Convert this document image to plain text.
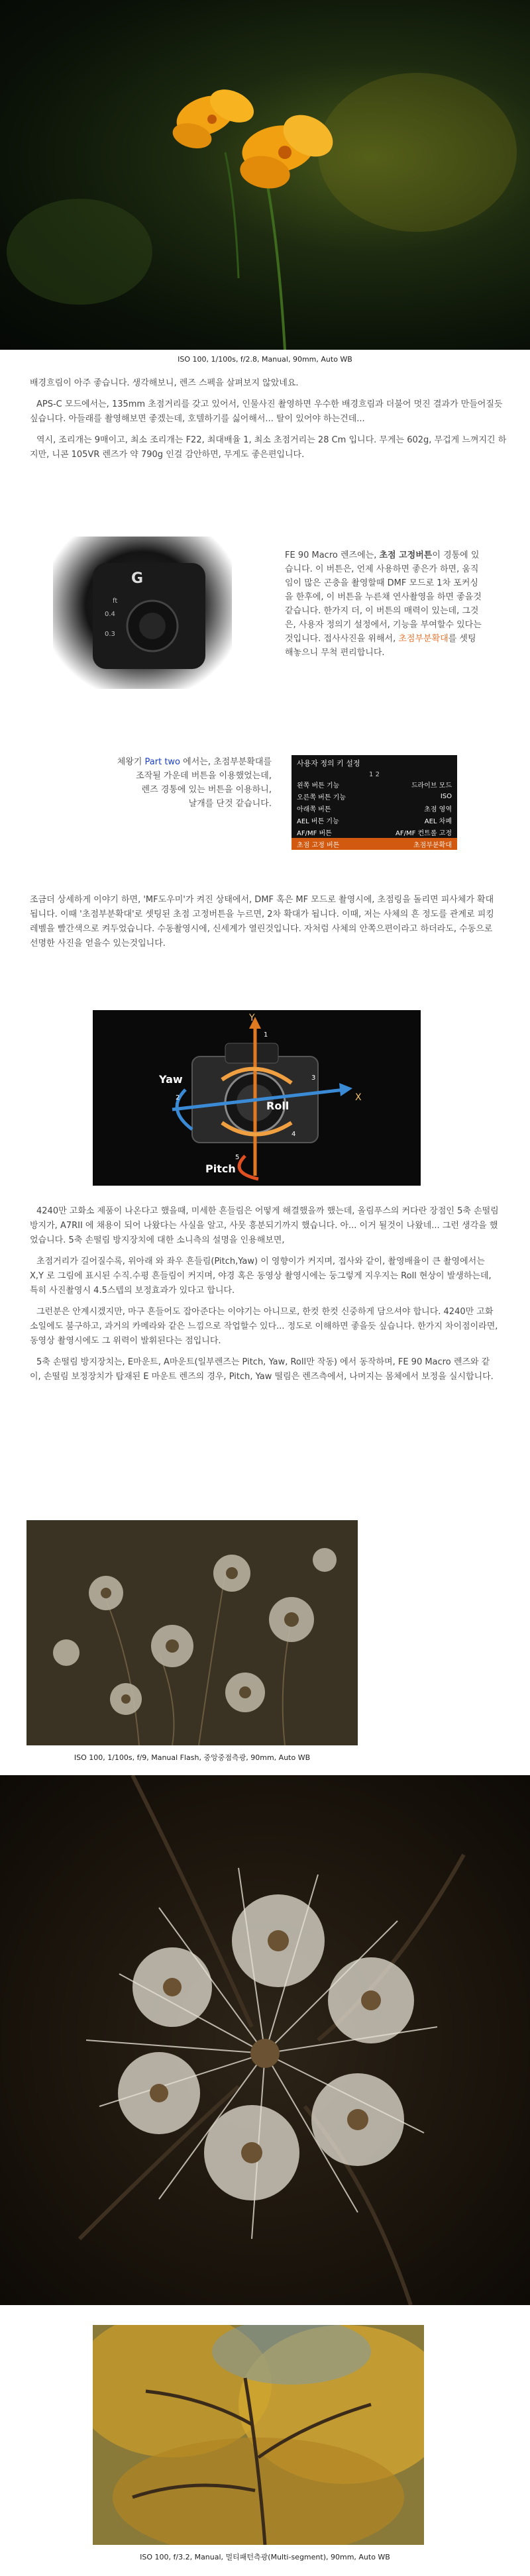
ISO 100, 1/100s, f/2.8, Manual, 90mm, Auto WB

배경흐림이 아주 좋습니다. 생각해보니, 렌즈 스펙을 살펴보지 않았네요.

APS-C 모드에서는, 135mm 초점거리를 갖고 있어서, 인물사진 촬영하면 우수한 배경흐림과 더불어 멋진 결과가 만들어질듯 싶습니다. 아들래를 촬영해보면 좋겠는데, 호텔하기를 싫어해서... 탈이 있어야 하는건데...

역시, 조리개는 9매이고, 최소 조리개는 F22, 최대배율 1, 최소 초점거리는 28 Cm 입니다. 무게는 602g, 무겁게 느껴지긴 하지만, 니콘 105VR 렌즈가 약 790g 인걸 감안하면, 무게도 좋은편입니다.

G
0.4
0.3
ft
FE 90 Macro 렌즈에는, 초점 고정버튼이 경통에 있습니다. 이 버튼은, 언제 사용하면 좋은가 하면, 움직임이 많은 곤충을 촬영할때 DMF 모드로 1차 포커싱을 한후에, 이 버튼을 누른채 연사촬영을 하면 좋을것 같습니다. 한가지 더, 이 버튼의 매력이 있는데, 그것은, 사용자 정의기 설정에서, 기능을 부여할수 있다는것입니다. 접사사진을 위해서, 초점부분확대를 셋팅해놓으니 무척 편리합니다.
체왕기 Part two 에서는, 초점부분확대를
조작될 가운데 버튼을 이용했었는데,
렌즈 경통에 있는 버튼을 이용하니,
날개를 단것 같습니다.
사용자 정의 키 설정
1 2
왼쪽 버튼 기능	드라이브 모드
오른쪽 버튼 기능	ISO
아래쪽 버튼	초점 영역
AEL 버튼 기능	AEL 차폐
AF/MF 버튼	AF/MF 컨트롤 고정
초점 고정 버튼	초점부분확대

조금더 상세하게 이야기 하면, 'MF도우미'가 켜진 상태에서, DMF 혹은 MF 모드로 촬영시에, 초점링을 돌리면 피사체가 확대 됩니다. 이때 '초점부분확대'로 셋팅된 초점 고정버튼을 누르면, 2차 확대가 됩니다. 이때, 저는 사체의 흔 정도를 관계로 피킹레벨을 빨간색으로 켜두었습니다. 수동촬영시에, 신세계가 열린것입니다. 자처럼 사체의 안쪽으편이라고 하더라도, 수동으로 선명한 사진을 얻을수 있는것입니다.

Y
X
Yaw
Roll
Pitch
1
2
3
4
5

4240만 고화소 제품이 나온다고 했을때, 미세한 흔들림은 어떻게 해결했을까 했는데, 올림푸스의 커다란 장점인 5축 손떨림방지가, A7RII 에 채용이 되어 나왔다는 사실을 알고, 사뭇 흥분되기까지 했습니다. 아... 이거 될것이 나왔네... 그런 생각을 했었습니다. 5축 손떨림 방지장치에 대한 소니측의 설명을 인용해보면,

초점거리가 길어질수록, 위아래 와 좌우 흔들림(Pitch,Yaw) 이 영향이가 커지며, 접사와 같이, 촬영배율이 큰 촬영에서는 X,Y 로 그림에 표시된 수직.수평 흔들림이 커지며, 야경 혹은 동영상 촬영시에는 둥그렇게 지우지는 Roll 현상이 발생하는데, 특히 사진촬영시 4.5스텝의 보정효과가 있다고 합니다.

그런분은 안계시겠지만, 마구 흔들어도 잡아준다는 이야기는 아니므로, 한컷 한컷 신중하게 담으셔야 합니다. 4240만 고화소일에도 불구하고, 과거의 카메라와 같은 느낌으로 작업할수 있다... 정도로 이해하면 좋을듯 싶습니다. 한가지 차이점이라면, 동영상 촬영시에도 그 위력이 발휘된다는 점입니다.

5축 손떨림 방지장치는, E마운트, A마운트(일부렌즈는 Pitch, Yaw, Roll만 작동) 에서 동작하며, FE 90 Macro 렌즈와 같이, 손떨림 보정장치가 탑재된 E 마운트 렌즈의 경우, Pitch, Yaw 떨림은 렌즈측에서, 나머지는 몸체에서 보정을 실시합니다.

ISO 100, 1/100s, f/9, Manual Flash, 중앙중점측광, 90mm, Auto WB
ISO 100, f/3.2, Manual, 멀티패턴측광(Multi-segment), 90mm, Auto WB
